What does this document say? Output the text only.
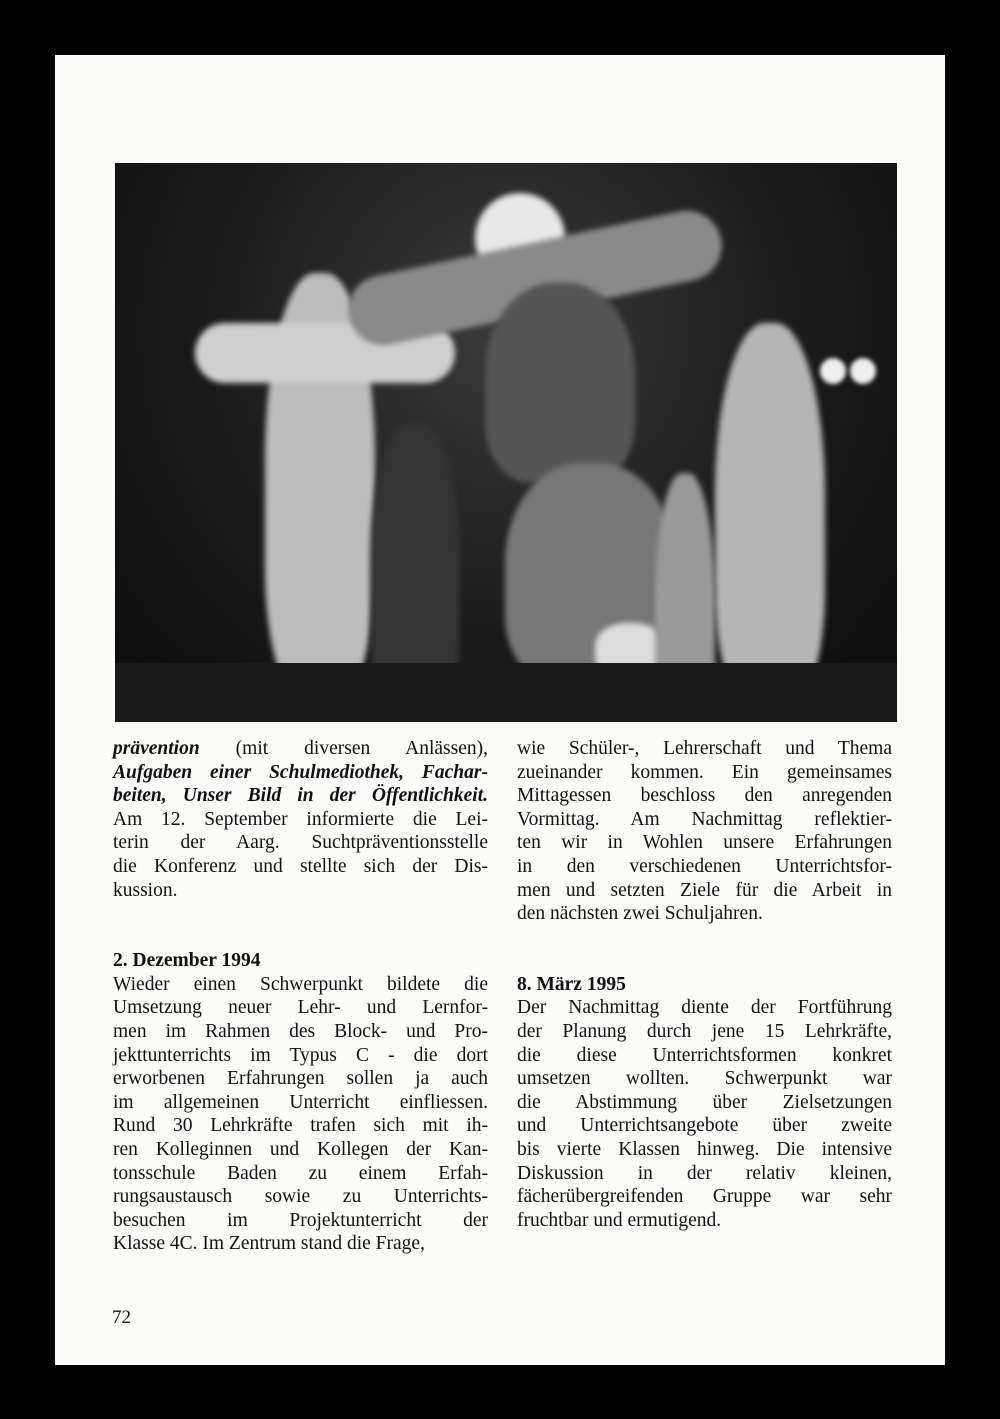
prävention (mit diversen Anlässen),
Aufgaben einer Schulmediothek, Fachar-
beiten, Unser Bild in der Öffentlichkeit.
Am 12. September informierte die Lei-
terin der Aarg. Suchtpräventionsstelle
die Konferenz und stellte sich der Dis-
kussion.
2. Dezember 1994
Wieder einen Schwerpunkt bildete die
Umsetzung neuer Lehr- und Lernfor-
men im Rahmen des Block- und Pro-
jekttunterrichts im Typus C - die dort
erworbenen Erfahrungen sollen ja auch
im allgemeinen Unterricht einfliessen.
Rund 30 Lehrkräfte trafen sich mit ih-
ren Kolleginnen und Kollegen der Kan-
tonsschule Baden zu einem Erfah-
rungsaustausch sowie zu Unterrichts-
besuchen im Projektunterricht der
Klasse 4C. Im Zentrum stand die Frage,
wie Schüler-, Lehrerschaft und Thema
zueinander kommen. Ein gemeinsames
Mittagessen beschloss den anregenden
Vormittag. Am Nachmittag reflektier-
ten wir in Wohlen unsere Erfahrungen
in den verschiedenen Unterrichtsfor-
men und setzten Ziele für die Arbeit in
den nächsten zwei Schuljahren.
8. März 1995
Der Nachmittag diente der Fortführung
der Planung durch jene 15 Lehrkräfte,
die diese Unterrichtsformen konkret
umsetzen wollten. Schwerpunkt war
die Abstimmung über Zielsetzungen
und Unterrichtsangebote über zweite
bis vierte Klassen hinweg. Die intensive
Diskussion in der relativ kleinen,
fächerübergreifenden Gruppe war sehr
fruchtbar und ermutigend.
72
